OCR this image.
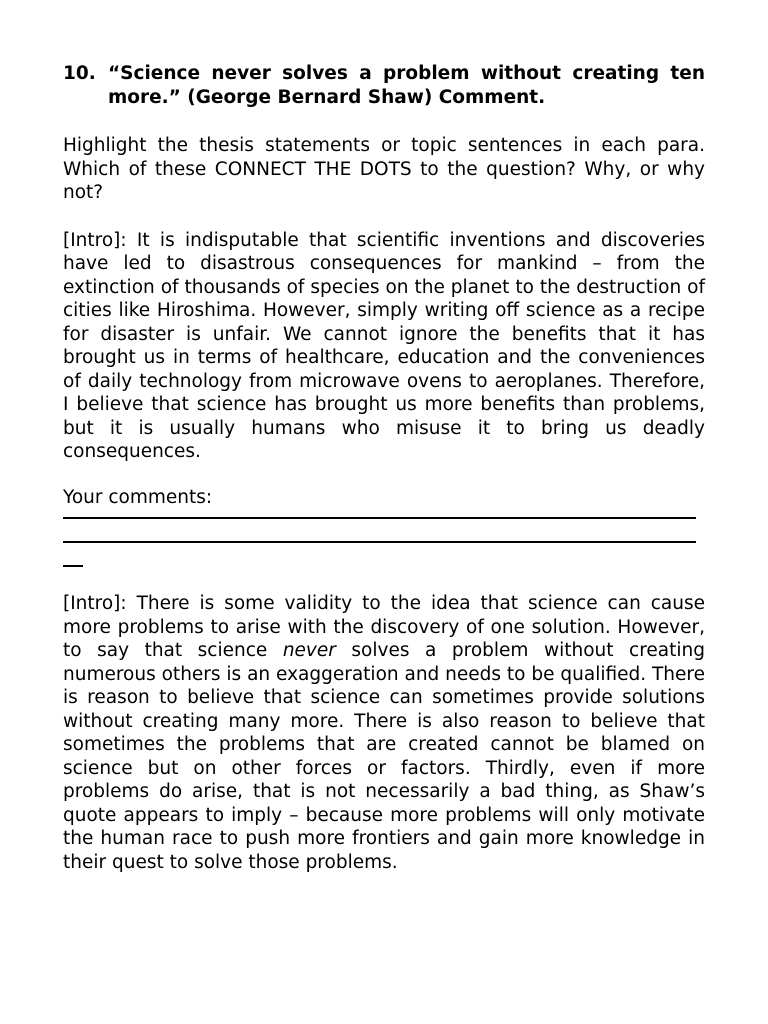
10. “Science never solves a problem without creating ten more.” (George Bernard Shaw) Comment.

Highlight the thesis statements or topic sentences in each para. Which of these CONNECT THE DOTS to the question? Why, or why not?

[Intro]: It is indisputable that scientific inventions and discoveries have led to disastrous consequences for mankind – from the extinction of thousands of species on the planet to the destruction of cities like Hiroshima. However, simply writing off science as a recipe for disaster is unfair. We cannot ignore the benefits that it has brought us in terms of healthcare, education and the conveniences of daily technology from microwave ovens to aeroplanes. Therefore, I believe that science has brought us more benefits than problems, but it is usually humans who misuse it to bring us deadly consequences.

Your comments:

[Intro]: There is some validity to the idea that science can cause more problems to arise with the discovery of one solution. However, to say that science never solves a problem without creating numerous others is an exaggeration and needs to be qualified. There is reason to believe that science can sometimes provide solutions without creating many more. There is also reason to believe that sometimes the problems that are created cannot be blamed on science but on other forces or factors. Thirdly, even if more problems do arise, that is not necessarily a bad thing, as Shaw’s quote appears to imply – because more problems will only motivate the human race to push more frontiers and gain more knowledge in their quest to solve those problems.
